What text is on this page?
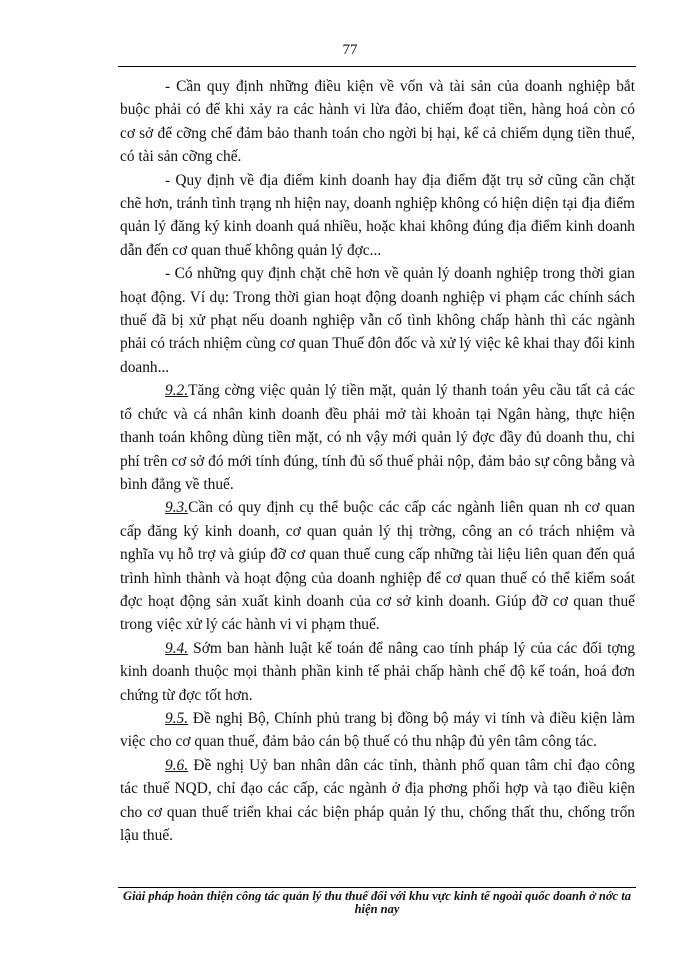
77

- Cần quy định những điều kiện về vốn và tài sản của doanh nghiệp bắt buộc phải có để khi xảy ra các hành vi lừa đảo, chiếm đoạt tiền, hàng hoá còn có cơ sở để cỡng chế đảm bảo thanh toán cho ngời bị hại, kể cả chiếm dụng tiền thuế, có tài sản cỡng chế.

- Quy định về địa điểm kinh doanh hay địa điểm đặt trụ sở cũng cần chặt chẽ hơn, tránh tình trạng nh hiện nay, doanh nghiệp không có hiện diện tại địa điểm quản lý đăng ký kinh doanh quá nhiều, hoặc khai không đúng địa điểm kinh doanh dẫn đến cơ quan thuế không quản lý đợc...

- Có những quy định chặt chẽ hơn về quản lý doanh nghiệp trong thời gian hoạt động. Ví dụ: Trong thời gian hoạt động doanh nghiệp vi phạm các chính sách thuế đã bị xử phạt nếu doanh nghiệp vẫn cố tình không chấp hành thì các ngành phải có trách nhiệm cùng cơ quan Thuế đôn đốc và xử lý việc kê khai thay đổi kinh doanh...

9.2.Tăng cờng việc quản lý tiền mặt, quản lý thanh toán yêu cầu tất cả các tổ chức và cá nhân kinh doanh đều phải mở tài khoản tại Ngân hàng, thực hiện thanh toán không dùng tiền mặt, có nh vậy mới quản lý đợc đầy đủ doanh thu, chi phí trên cơ sở đó mới tính đúng, tính đủ số thuế phải nộp, đảm bảo sự công bằng và bình đẳng về thuế.

9.3.Cần có quy định cụ thể buộc các cấp các ngành liên quan nh cơ quan cấp đăng ký kinh doanh, cơ quan quản lý thị trờng, công an có trách nhiệm và nghĩa vụ hỗ trợ và giúp đỡ cơ quan thuế cung cấp những tài liệu liên quan đến quá trình hình thành và hoạt động của doanh nghiệp để cơ quan thuế có thể kiểm soát đợc hoạt động sản xuất kinh doanh của cơ sở kinh doanh. Giúp đỡ cơ quan thuế trong việc xử lý các hành vi vi phạm thuế.

9.4. Sớm ban hành luật kế toán để nâng cao tính pháp lý của các đối tợng kinh doanh thuộc mọi thành phần kinh tế phải chấp hành chế độ kế toán, hoá đơn chứng từ đợc tốt hơn.

9.5. Đề nghị Bộ, Chính phủ trang bị đồng bộ máy vi tính và điều kiện làm việc cho cơ quan thuế, đảm bảo cán bộ thuế có thu nhập đủ yên tâm công tác.

9.6. Đề nghị Uỷ ban nhân dân các tỉnh, thành phố quan tâm chỉ đạo công tác thuế NQD, chỉ đạo các cấp, các ngành ở địa phơng phối hợp và tạo điều kiện cho cơ quan thuế triển khai các biện pháp quản lý thu, chống thất thu, chống trốn lậu thuế.

Giải pháp hoàn thiện công tác quản lý thu thuế đối với khu vực kinh tế ngoài quốc doanh ở nớc ta hiện nay
